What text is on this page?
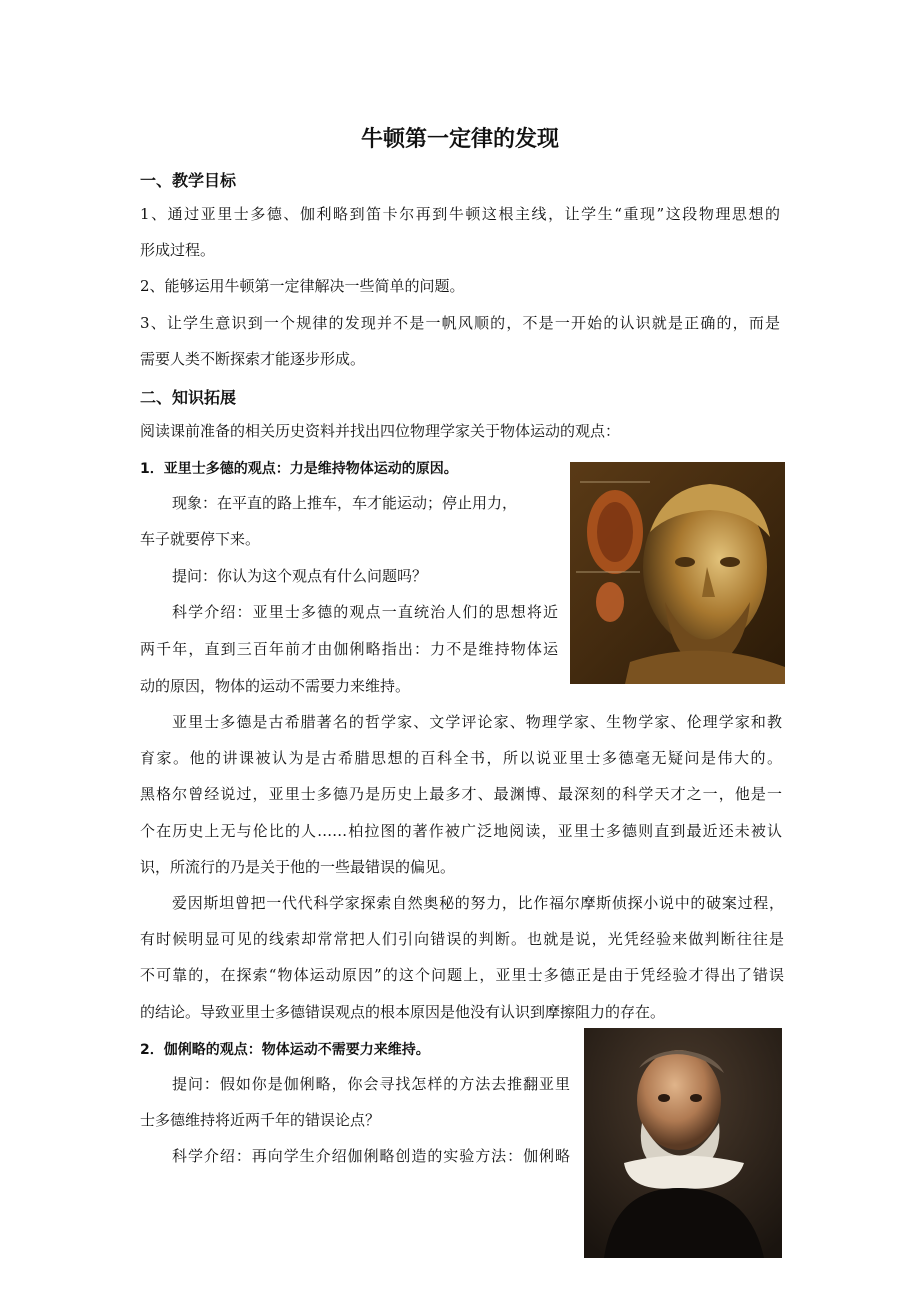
牛顿第一定律的发现
一、教学目标
1、通过亚里士多德、伽利略到笛卡尔再到牛顿这根主线，让学生“重现”这段物理思想的
形成过程。
2、能够运用牛顿第一定律解决一些简单的问题。
3、让学生意识到一个规律的发现并不是一帆风顺的，不是一开始的认识就是正确的，而是
需要人类不断探索才能逐步形成。
二、知识拓展
阅读课前准备的相关历史资料并找出四位物理学家关于物体运动的观点：
1．亚里士多德的观点：力是维持物体运动的原因。
现象：在平直的路上推车，车才能运动；停止用力，
车子就要停下来。
提问：你认为这个观点有什么问题吗？
科学介绍：亚里士多德的观点一直统治人们的思想将近
两千年，直到三百年前才由伽俐略指出：力不是维持物体运
动的原因，物体的运动不需要力来维持。
亚里士多德是古希腊著名的哲学家、文学评论家、物理学家、生物学家、伦理学家和教
育家。他的讲课被认为是古希腊思想的百科全书，所以说亚里士多德毫无疑问是伟大的。
黑格尔曾经说过，亚里士多德乃是历史上最多才、最渊博、最深刻的科学天才之一，他是一
个在历史上无与伦比的人……柏拉图的著作被广泛地阅读，亚里士多德则直到最近还未被认
识，所流行的乃是关于他的一些最错误的偏见。
爱因斯坦曾把一代代科学家探索自然奥秘的努力，比作福尔摩斯侦探小说中的破案过程，
有时候明显可见的线索却常常把人们引向错误的判断。也就是说，光凭经验来做判断往往是
不可靠的，在探索“物体运动原因”的这个问题上，亚里士多德正是由于凭经验才得出了错误
的结论。导致亚里士多德错误观点的根本原因是他没有认识到摩擦阻力的存在。
2．伽俐略的观点：物体运动不需要力来维持。
提问：假如你是伽俐略，你会寻找怎样的方法去推翻亚里
士多德维持将近两千年的错误论点？
科学介绍：再向学生介绍伽俐略创造的实验方法：伽俐略
